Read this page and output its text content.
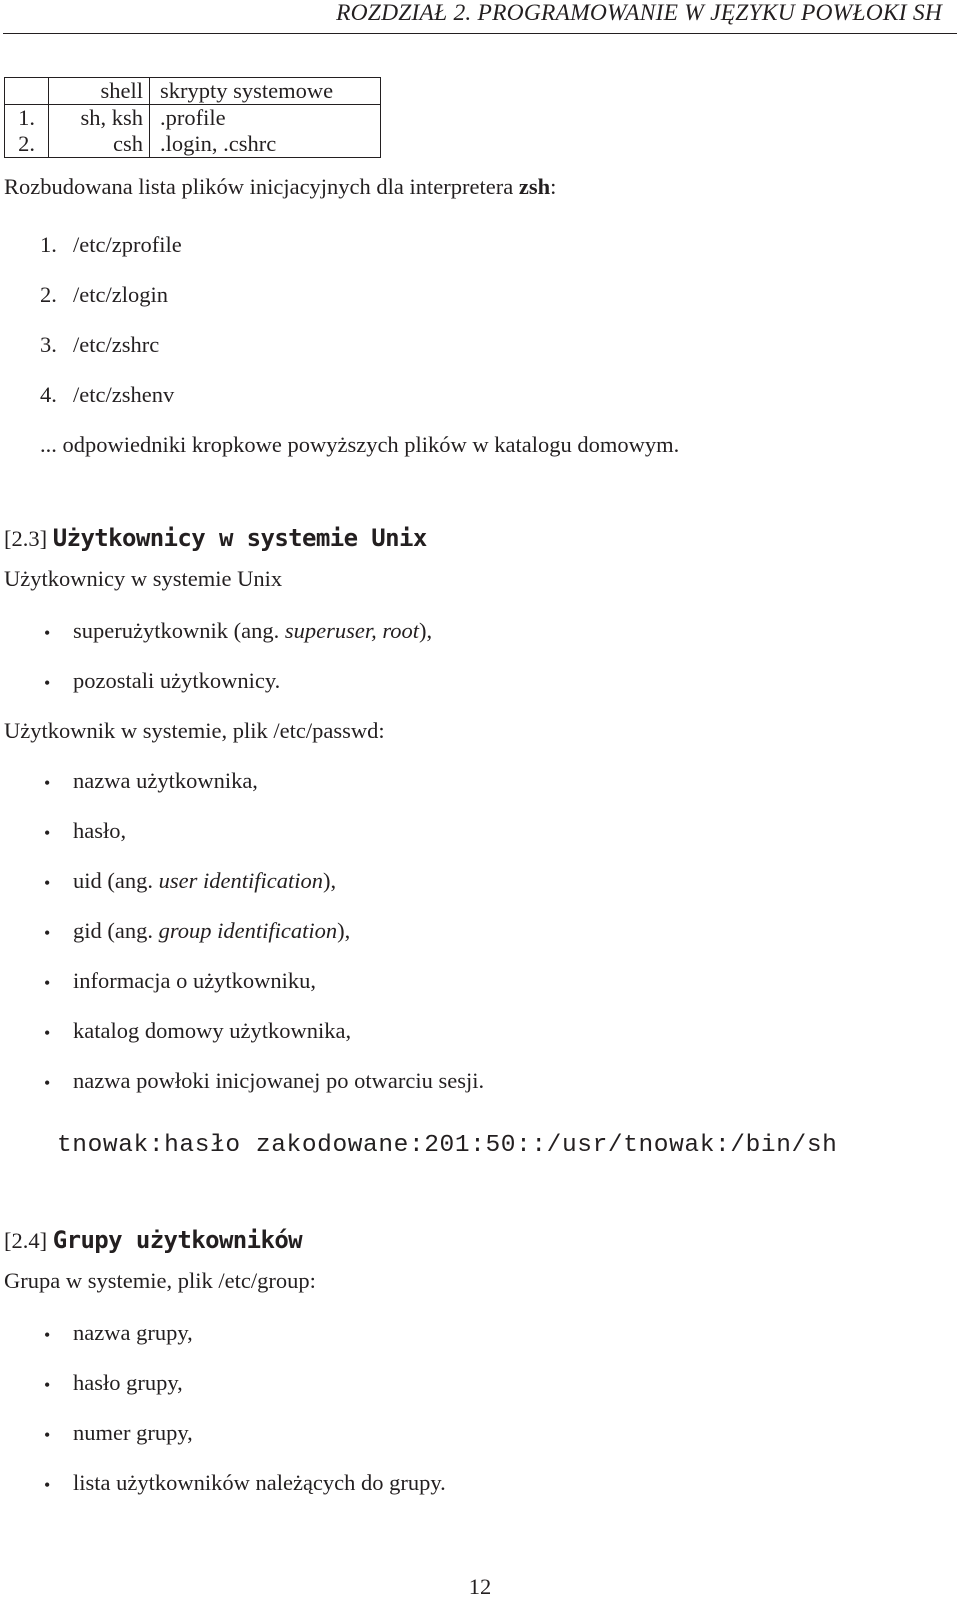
ROZDZIAŁ 2. PROGRAMOWANIE W JĘZYKU POWŁOKI SH
	shell	skrypty systemowe
1.	sh, ksh	.profile
2.	csh	.login, .cshrc
Rozbudowana lista plików inicjacyjnych dla interpretera zsh:
1. /etc/zprofile
2. /etc/zlogin
3. /etc/zshrc
4. /etc/zshenv
... odpowiedniki kropkowe powyższych plików w katalogu domowym.
[2.3] Użytkownicy w systemie Unix
Użytkownicy w systemie Unix
• superużytkownik (ang. superuser, root),
• pozostali użytkownicy.
Użytkownik w systemie, plik /etc/passwd:
• nazwa użytkownika,
• hasło,
• uid (ang. user identification),
• gid (ang. group identification),
• informacja o użytkowniku,
• katalog domowy użytkownika,
• nazwa powłoki inicjowanej po otwarciu sesji.
tnowak:hasło zakodowane:201:50::/usr/tnowak:/bin/sh
[2.4] Grupy użytkowników
Grupa w systemie, plik /etc/group:
• nazwa grupy,
• hasło grupy,
• numer grupy,
• lista użytkowników należących do grupy.
12
